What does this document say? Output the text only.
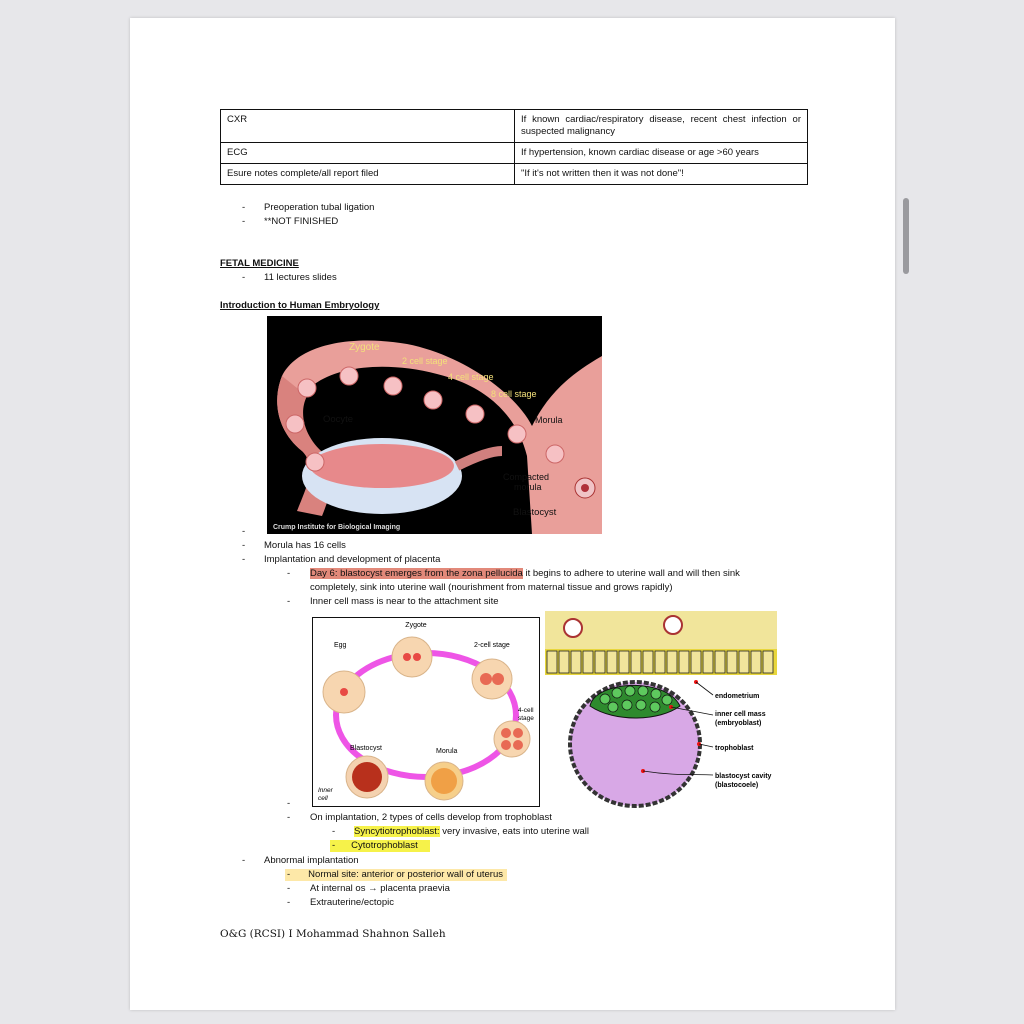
CXR	If known cardiac/respiratory disease, recent chest infection or suspected malignancy

ECG	If hypertension, known cardiac disease or age >60 years
Esure notes complete/all report filed	"If it's not written then it was not done"!
- Preoperation tubal ligation
- **NOT FINISHED
FETAL MEDICINE
- 11 lectures slides
Introduction to Human Embryology
Zygote
2 cell stage
4 cell stage
8 cell stage
Oocyte	Morula
Compacted
morula
Blastocyst
Crump Institute for Biological Imaging
-
- Morula has 16 cells
- Implantation and development of placenta
- Day 6: blastocyst emerges from the zona pellucida it begins to adhere to uterine wall and will then sink
completely, sink into uterine wall (nourishment from maternal tissue and grows rapidly)
- Inner cell mass is near to the attachment site
Zygote
Egg	2-cell stage
4-cell
stage
Blastocyst	Morula
Inner
cell
endometrium
inner cell mass
(embryoblast)
trophoblast
blastocyst cavity
(blastocoele)
-
- On implantation, 2 types of cells develop from trophoblast
- Syncytiotrophoblast: very invasive, eats into uterine wall
- Cytotrophoblast
- Abnormal implantation
- Normal site: anterior or posterior wall of uterus
- At internal os → placenta praevia
- Extrauterine/ectopic
O&G (RCSI) I Mohammad Shahnon Salleh
